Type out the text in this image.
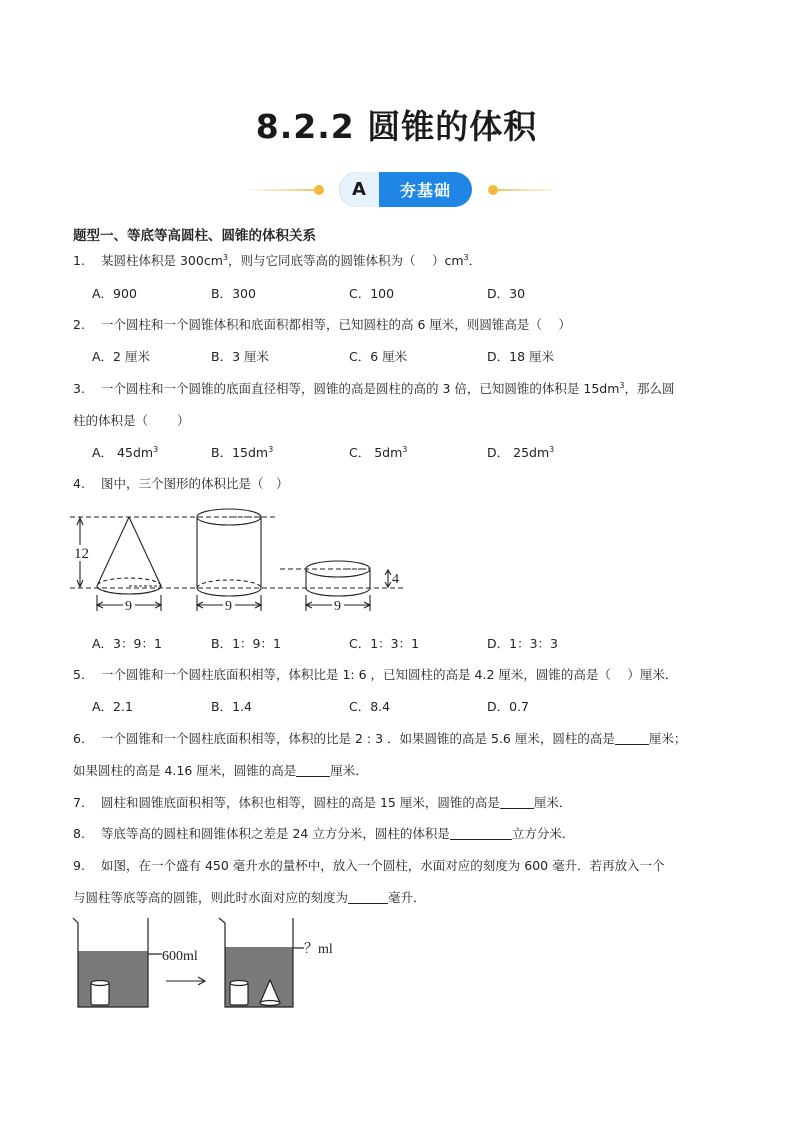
8.2.2 圆锥的体积
A	夯基础
题型一、等底等高圆柱、圆锥的体积关系
1. 某圆柱体积是 $300cm^3$，则与它同底等高的圆锥体积为（　 ）$cm^3$．
A．900	B．300	C．100	D．30
2. 一个圆柱和一个圆锥体积和底面积都相等，已知圆柱的高 6 厘米，则圆锥高是（　 ）
A．2 厘米	B．3 厘米	C．6 厘米	D．18 厘米
3. 一个圆柱和一个圆锥的底面直径相等，圆锥的高是圆柱的高的 3 倍，已知圆锥的体积是 $15dm^3$，那么圆
柱的体积是（　　 ）
A． $45dm^3$	B．$15dm^3$	C． $5dm^3$	D． $25dm^3$
4. 图中，三个图形的体积比是（　）
12
4
9	9	9
A．3：9：1	B．1：9：1	C．1：3：1	D．1：3：3
5. 一个圆锥和一个圆柱底面积相等，体积比是 1: 6 ，已知圆柱的高是 4.2 厘米，圆锥的高是（　 ）厘米．
A．2.1	B．1.4	C．8.4	D．0.7
6. 一个圆锥和一个圆柱底面积相等，体积的比是 2 : 3 ．如果圆锥的高是 5.6 厘米，圆柱的高是	厘米；
如果圆柱的高是 4.16 厘米，圆锥的高是	厘米．
7. 圆柱和圆锥底面积相等，体积也相等，圆柱的高是 15 厘米，圆锥的高是	厘米．
8. 等底等高的圆柱和圆锥体积之差是 24 立方分米，圆柱的体积是	立方分米．
9. 如图，在一个盛有 450 毫升水的量杯中，放入一个圆柱，水面对应的刻度为 600 毫升．若再放入一个
与圆柱等底等高的圆锥，则此时水面对应的刻度为	毫升．
600ml	？ml
